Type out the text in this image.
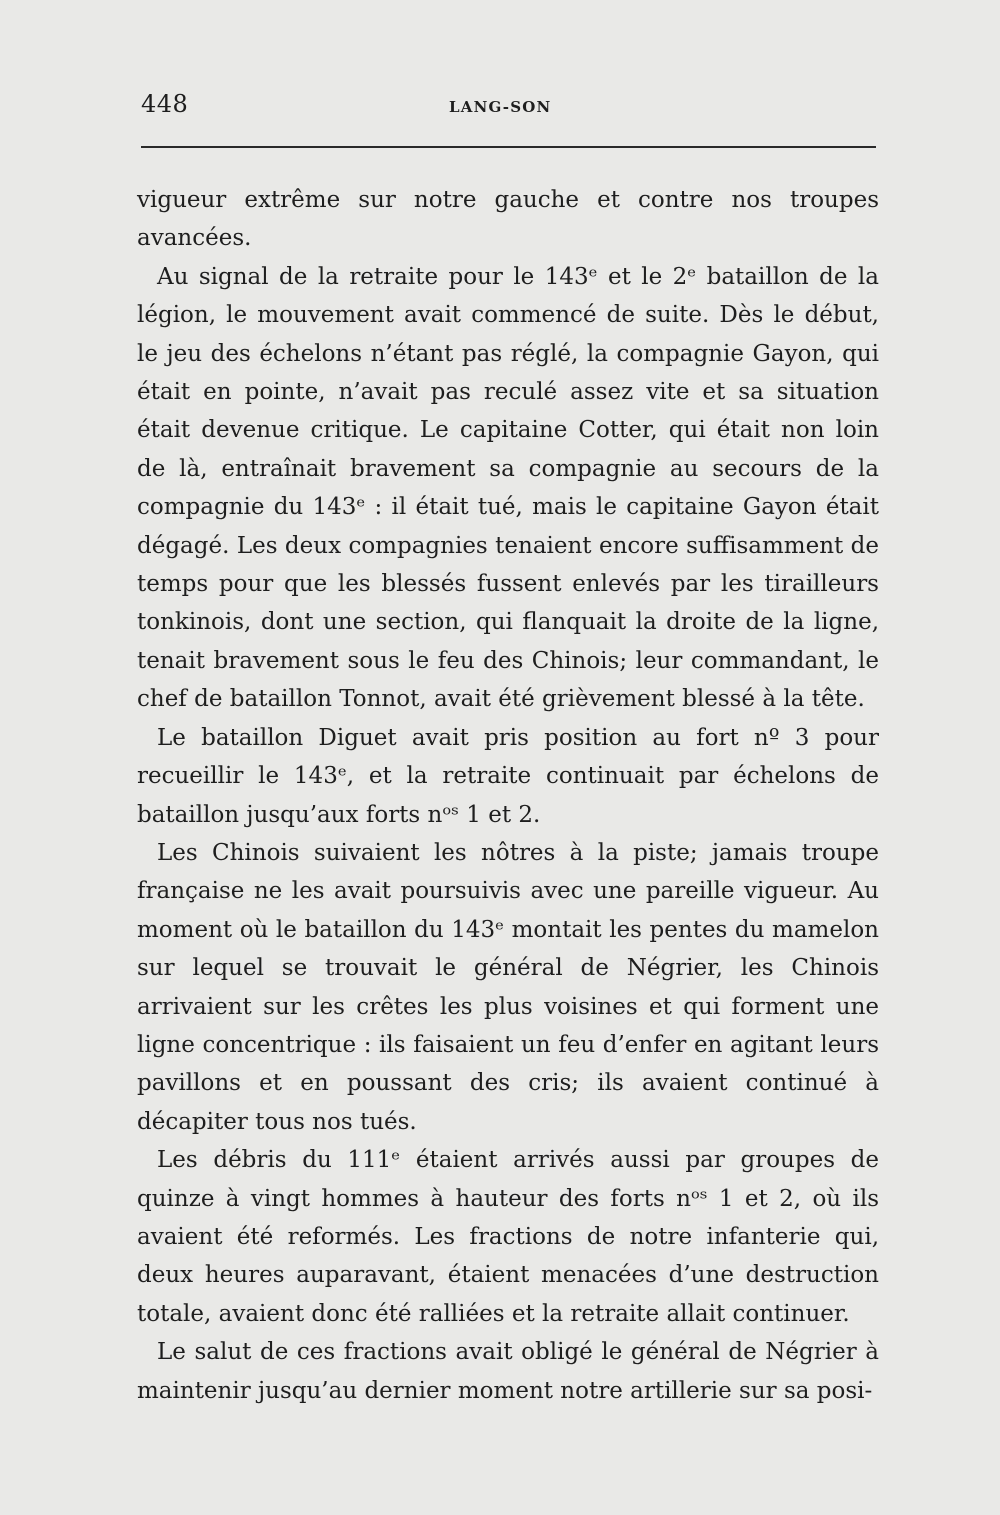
448	LANG-SON

vigueur extrême sur notre gauche et contre nos troupes avancées.

Au signal de la retraite pour le 143ᵉ et le 2ᵉ bataillon de la légion, le mouvement avait commencé de suite. Dès le début, le jeu des échelons n’étant pas réglé, la compagnie Gayon, qui était en pointe, n’avait pas reculé assez vite et sa situation était devenue critique. Le capitaine Cotter, qui était non loin de là, entraînait bravement sa compagnie au secours de la compagnie du 143ᵉ : il était tué, mais le capitaine Gayon était dégagé. Les deux compagnies tenaient encore suffisamment de temps pour que les blessés fussent enlevés par les tirailleurs tonkinois, dont une section, qui flanquait la droite de la ligne, tenait bravement sous le feu des Chinois; leur commandant, le chef de bataillon Tonnot, avait été grièvement blessé à la tête.

Le bataillon Diguet avait pris position au fort nº 3 pour recueillir le 143ᵉ, et la retraite continuait par échelons de bataillon jusqu’aux forts nᵒˢ 1 et 2.

Les Chinois suivaient les nôtres à la piste; jamais troupe française ne les avait poursuivis avec une pareille vigueur. Au moment où le bataillon du 143ᵉ montait les pentes du mamelon sur lequel se trouvait le général de Négrier, les Chinois arrivaient sur les crêtes les plus voisines et qui forment une ligne concentrique : ils faisaient un feu d’enfer en agitant leurs pavillons et en poussant des cris; ils avaient continué à décapiter tous nos tués.

Les débris du 111ᵉ étaient arrivés aussi par groupes de quinze à vingt hommes à hauteur des forts nᵒˢ 1 et 2, où ils avaient été reformés. Les fractions de notre infanterie qui, deux heures auparavant, étaient menacées d’une destruction totale, avaient donc été ralliées et la retraite allait continuer.

Le salut de ces fractions avait obligé le général de Négrier à maintenir jusqu’au dernier moment notre artillerie sur sa posi-
